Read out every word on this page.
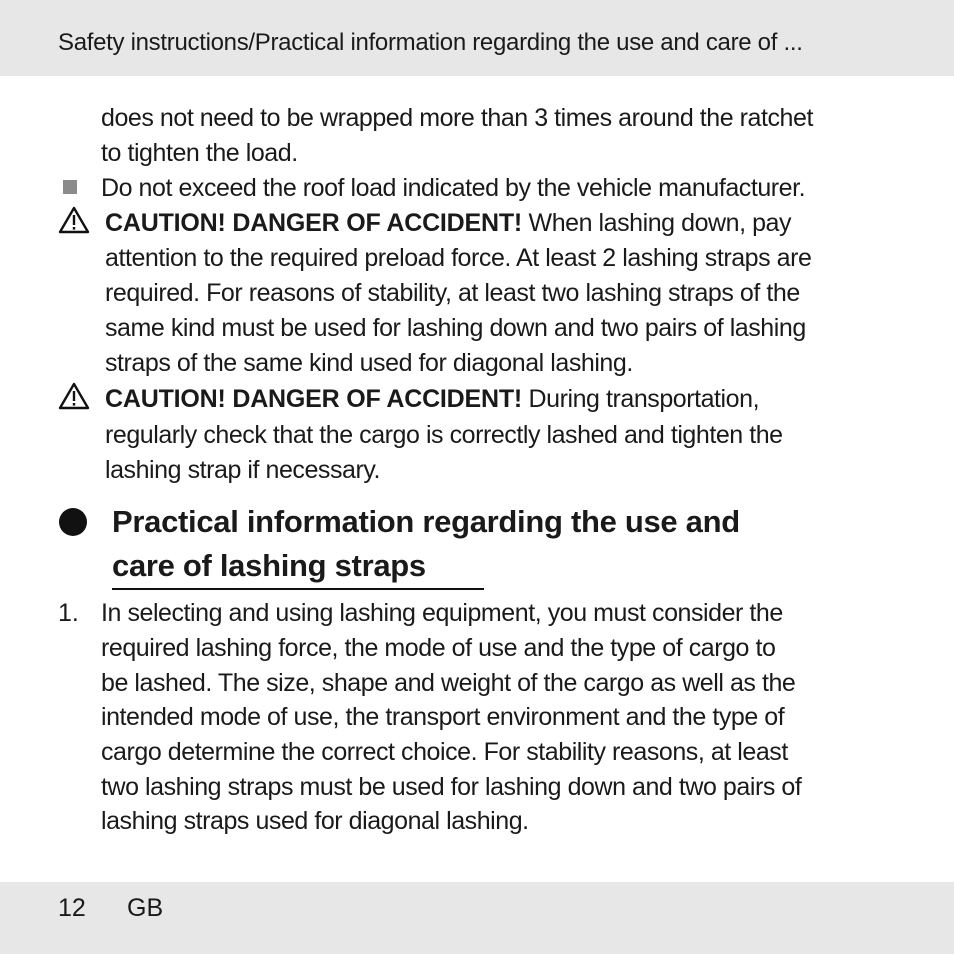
Safety instructions/Practical information regarding the use and care of ...
does not need to be wrapped more than 3 times around the ratchet
to tighten the load.
Do not exceed the roof load indicated by the vehicle manufacturer.
CAUTION! DANGER OF ACCIDENT! When lashing down, pay
attention to the required preload force. At least 2 lashing straps are
required. For reasons of stability, at least two lashing straps of the
same kind must be used for lashing down and two pairs of lashing
straps of the same kind used for diagonal lashing.
CAUTION! DANGER OF ACCIDENT! During transportation,
regularly check that the cargo is correctly lashed and tighten the
lashing strap if necessary.
Practical information regarding the use and
care of lashing straps
1. In selecting and using lashing equipment, you must consider the
required lashing force, the mode of use and the type of cargo to
be lashed. The size, shape and weight of the cargo as well as the
intended mode of use, the transport environment and the type of
cargo determine the correct choice. For stability reasons, at least
two lashing straps must be used for lashing down and two pairs of
lashing straps used for diagonal lashing.
12 GB
